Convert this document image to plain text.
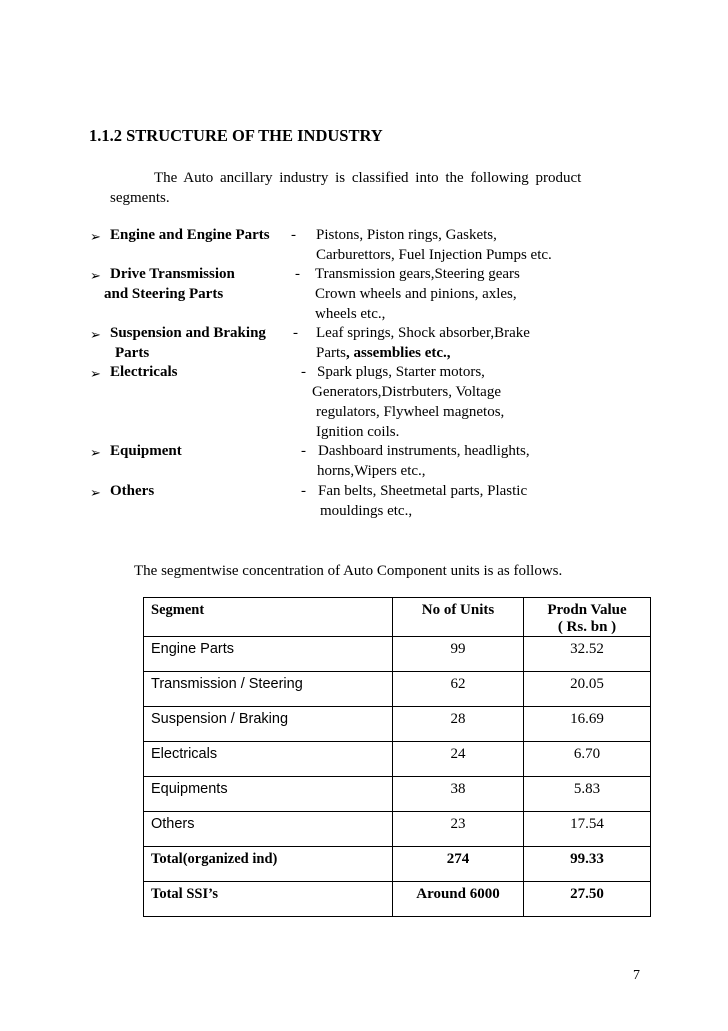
1.1.2 STRUCTURE OF THE INDUSTRY
The Auto ancillary industry is classified into the following product
segments.
➢ Engine and Engine Parts - Pistons, Piston rings, Gaskets,
Carburettors, Fuel Injection Pumps etc.
➢ Drive Transmission	- Transmission gears,Steering gears
and Steering Parts	Crown wheels and pinions, axles,
wheels etc.,
➢ Suspension and Braking - Leaf springs, Shock absorber,Brake
Parts	Parts, assemblies etc.,
➢ Electricals	- Spark plugs, Starter motors,
Generators,Distrbuters, Voltage
regulators, Flywheel magnetos,
Ignition coils.
➢ Equipment	- Dashboard instruments, headlights,
horns,Wipers etc.,
➢ Others	- Fan belts, Sheetmetal parts, Plastic
mouldings etc.,
The segmentwise concentration of Auto Component units is as follows.
Segment	No of Units	Prodn Value
( Rs. bn )

Engine Parts	99	32.52
Transmission / Steering	62	20.05
Suspension / Braking	28	16.69
Electricals	24	6.70
Equipments	38	5.83
Others	23	17.54
Total(organized ind)	274	99.33
Total SSI’s	Around 6000	27.50
7
